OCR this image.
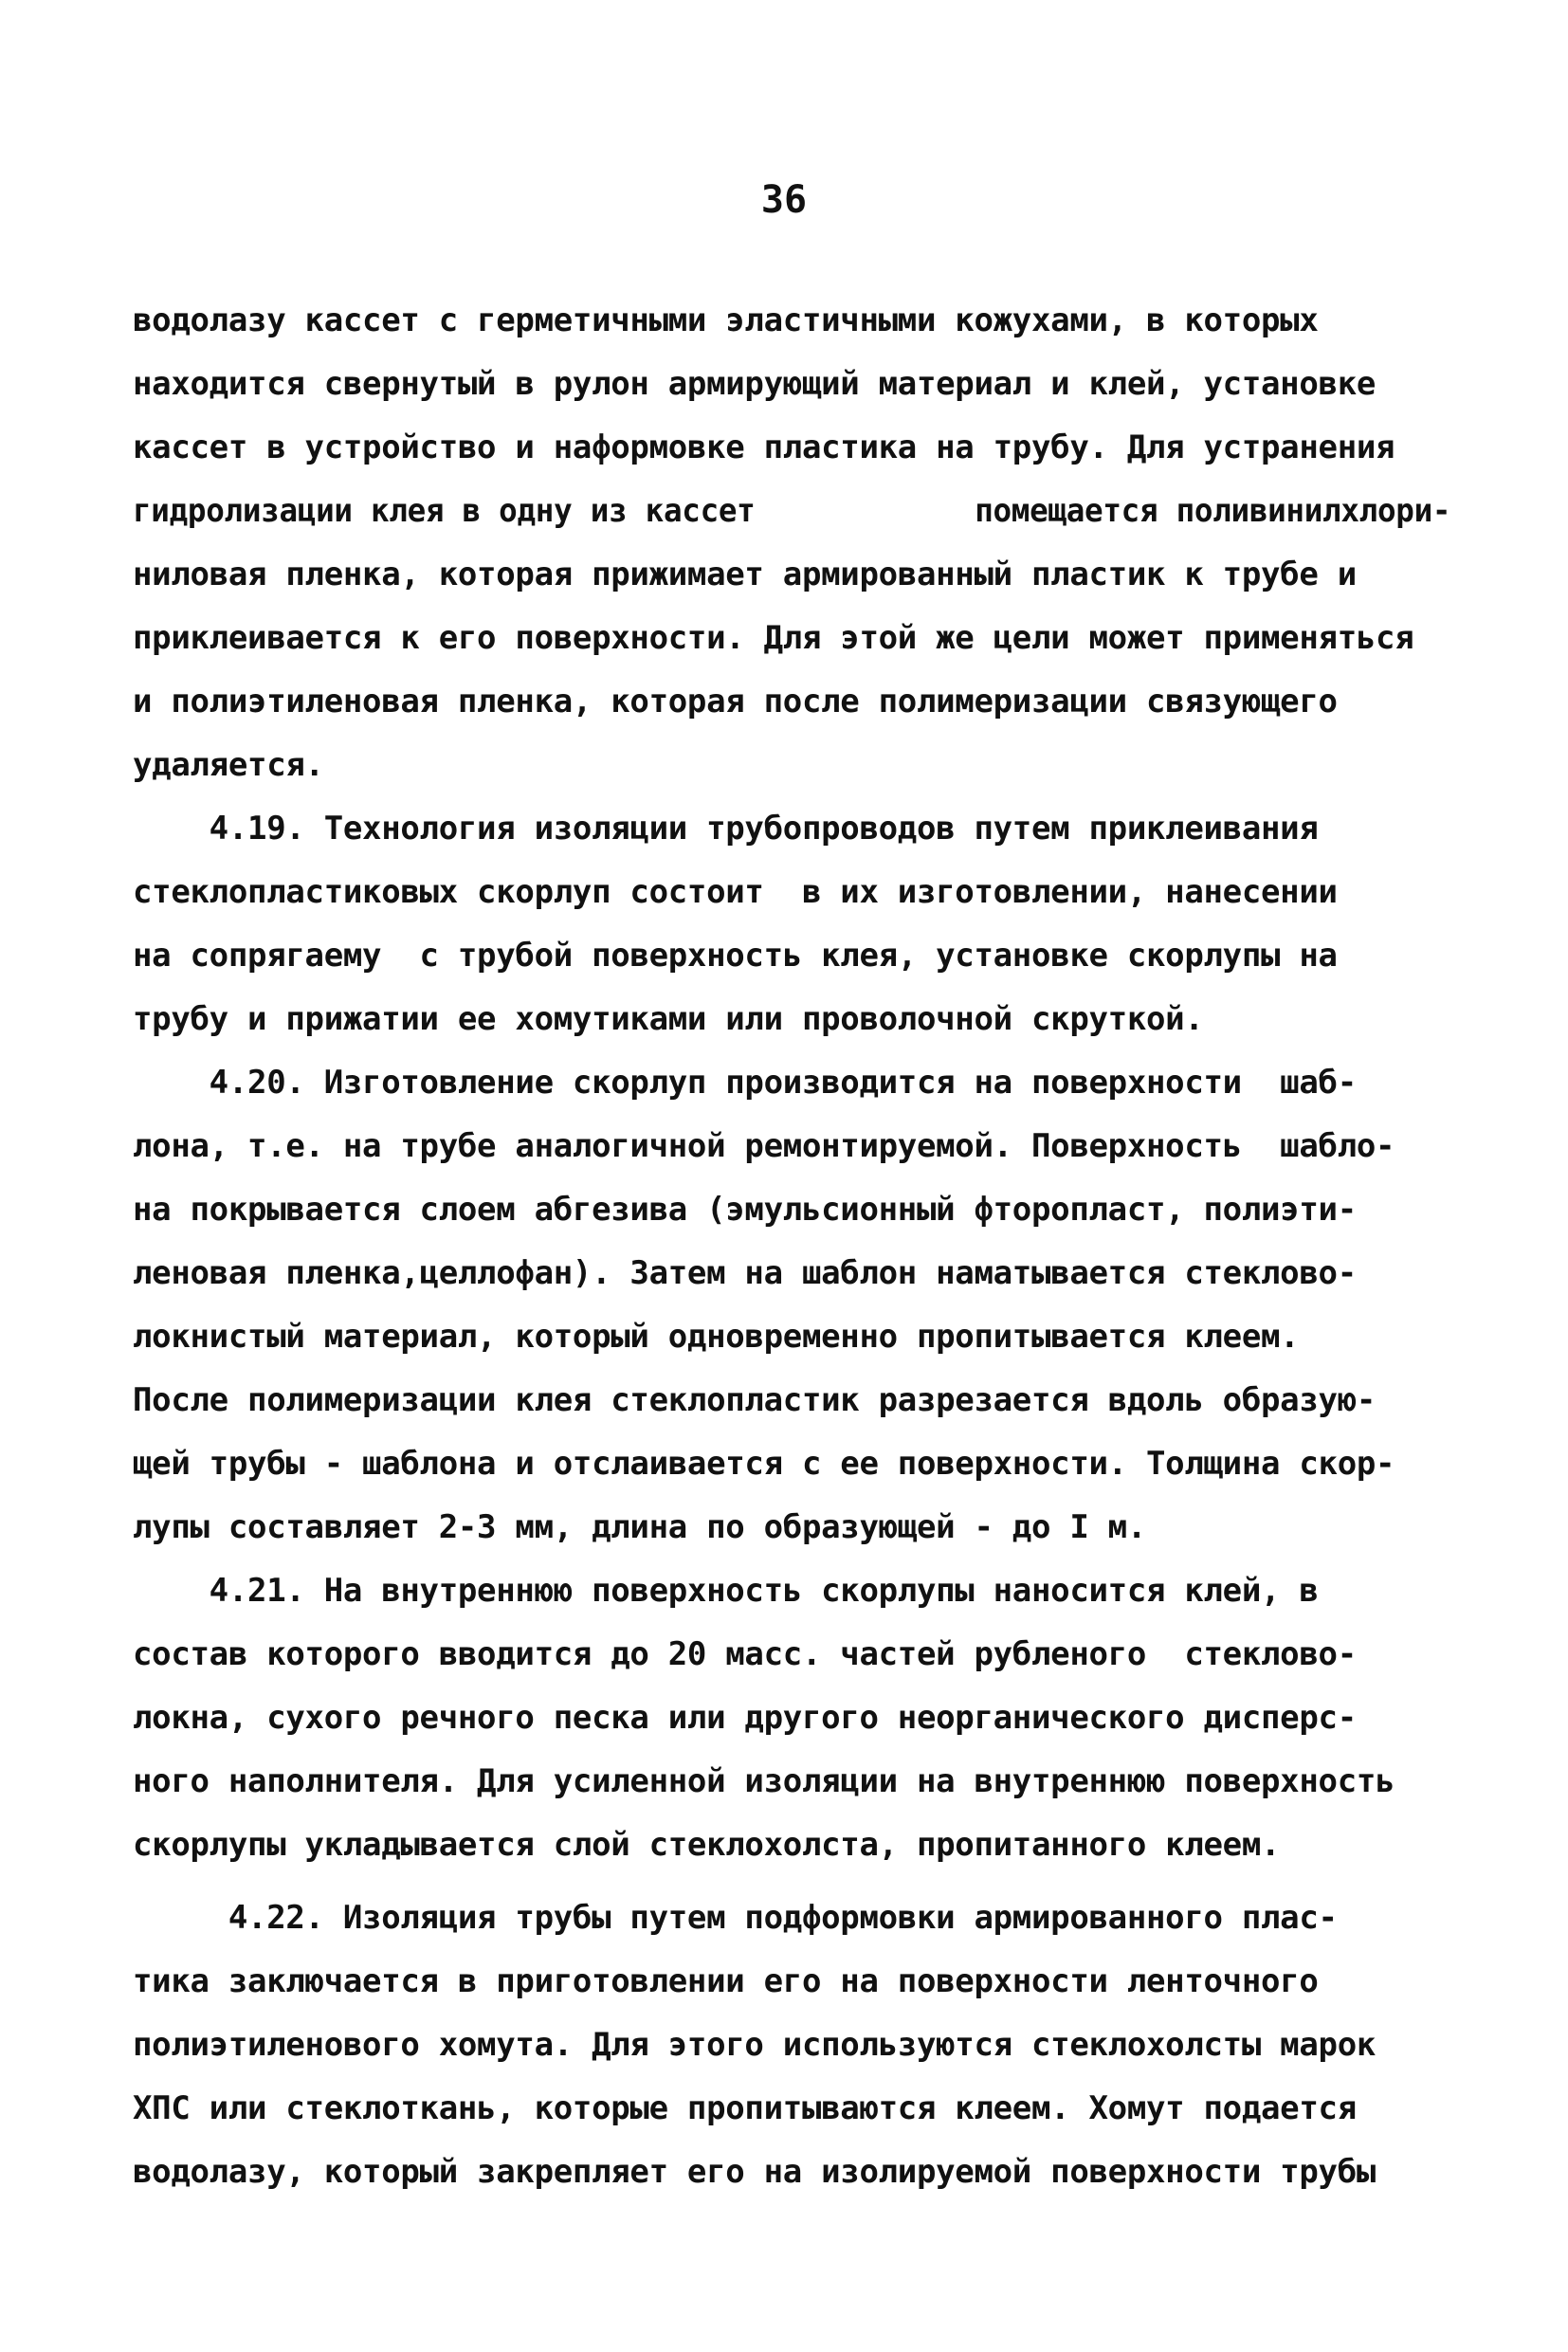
36
водолазу кассет с герметичными эластичными кожухами, в которых
находится свернутый в рулон армирующий материал и клей, установке
кассет в устройство и наформовке пластика на трубу. Для устранения
гидролизации клея в одну из кассет            помещается поливинилхлори-
ниловая пленка, которая прижимает армированный пластик к трубе и
приклеивается к его поверхности. Для этой же цели может применяться
и полиэтиленовая пленка, которая после полимеризации связующего
удаляется.
4.19. Технология изоляции трубопроводов путем приклеивания
стеклопластиковых скорлуп состоит  в их изготовлении, нанесении
на сопрягаему  с трубой поверхность клея, установке скорлупы на
трубу и прижатии ее хомутиками или проволочной скруткой.
4.20. Изготовление скорлуп производится на поверхности  шаб-
лона, т.е. на трубе аналогичной ремонтируемой. Поверхность  шабло-
на покрывается слоем абгезива (эмульсионный фторопласт, полиэти-
леновая пленка,целлофан). Затем на шаблон наматывается стеклово-
локнистый материал, который одновременно пропитывается клеем.
После полимеризации клея стеклопластик разрезается вдоль образую-
щей трубы - шаблона и отслаивается с ее поверхности. Толщина скор-
лупы составляет 2-3 мм, длина по образующей - до I м.
4.21. На внутреннюю поверхность скорлупы наносится клей, в
состав которого вводится до 20 масс. частей рубленого  стеклово-
локна, сухого речного песка или другого неорганического дисперс-
ного наполнителя. Для усиленной изоляции на внутреннюю поверхность
скорлупы укладывается слой стеклохолста, пропитанного клеем.
4.22. Изоляция трубы путем подформовки армированного плас-
тика заключается в приготовлении его на поверхности ленточного
полиэтиленового хомута. Для этого используются стеклохолсты марок
ХПС или стеклоткань, которые пропитываются клеем. Хомут подается
водолазу, который закрепляет его на изолируемой поверхности трубы
